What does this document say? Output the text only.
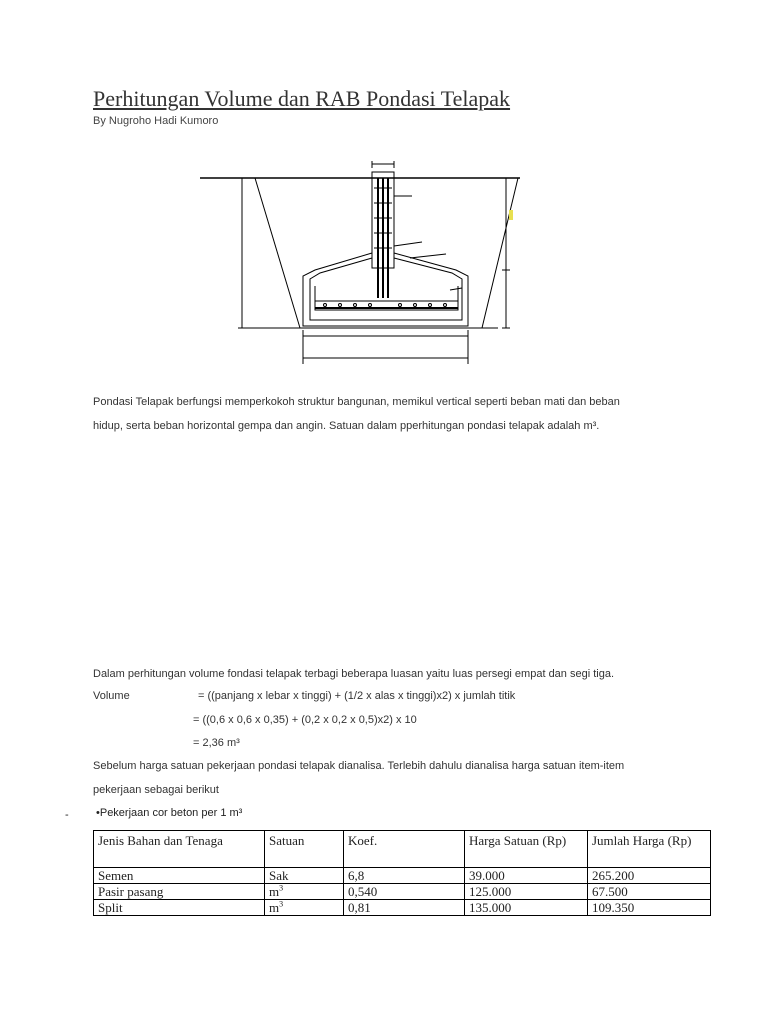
Perhitungan Volume dan RAB Pondasi Telapak
By Nugroho Hadi Kumoro
Pondasi Telapak berfungsi memperkokoh struktur bangunan, memikul vertical seperti beban mati dan beban
hidup, serta beban horizontal gempa dan angin. Satuan dalam pperhitungan pondasi telapak adalah m³.
Dalam perhitungan volume fondasi telapak terbagi beberapa luasan yaitu luas persegi empat dan segi tiga.
Volume	= ((panjang x lebar x tinggi) + (1/2 x alas x tinggi)x2) x jumlah titik
= ((0,6 x 0,6 x 0,35) + (0,2 x 0,2 x 0,5)x2) x 10
= 2,36 m³
Sebelum harga satuan pekerjaan pondasi telapak dianalisa. Terlebih dahulu dianalisa harga satuan item-item
pekerjaan sebagai berikut
- •Pekerjaan cor beton per 1 m³
Jenis Bahan dan Tenaga	Satuan	Koef.	Harga Satuan (Rp)	Jumlah Harga (Rp)
Semen	Sak	6,8	39.000	265.200
Pasir pasang	$m^3$	0,540	125.000	67.500
Split	$m^3$	0,81	135.000	109.350
